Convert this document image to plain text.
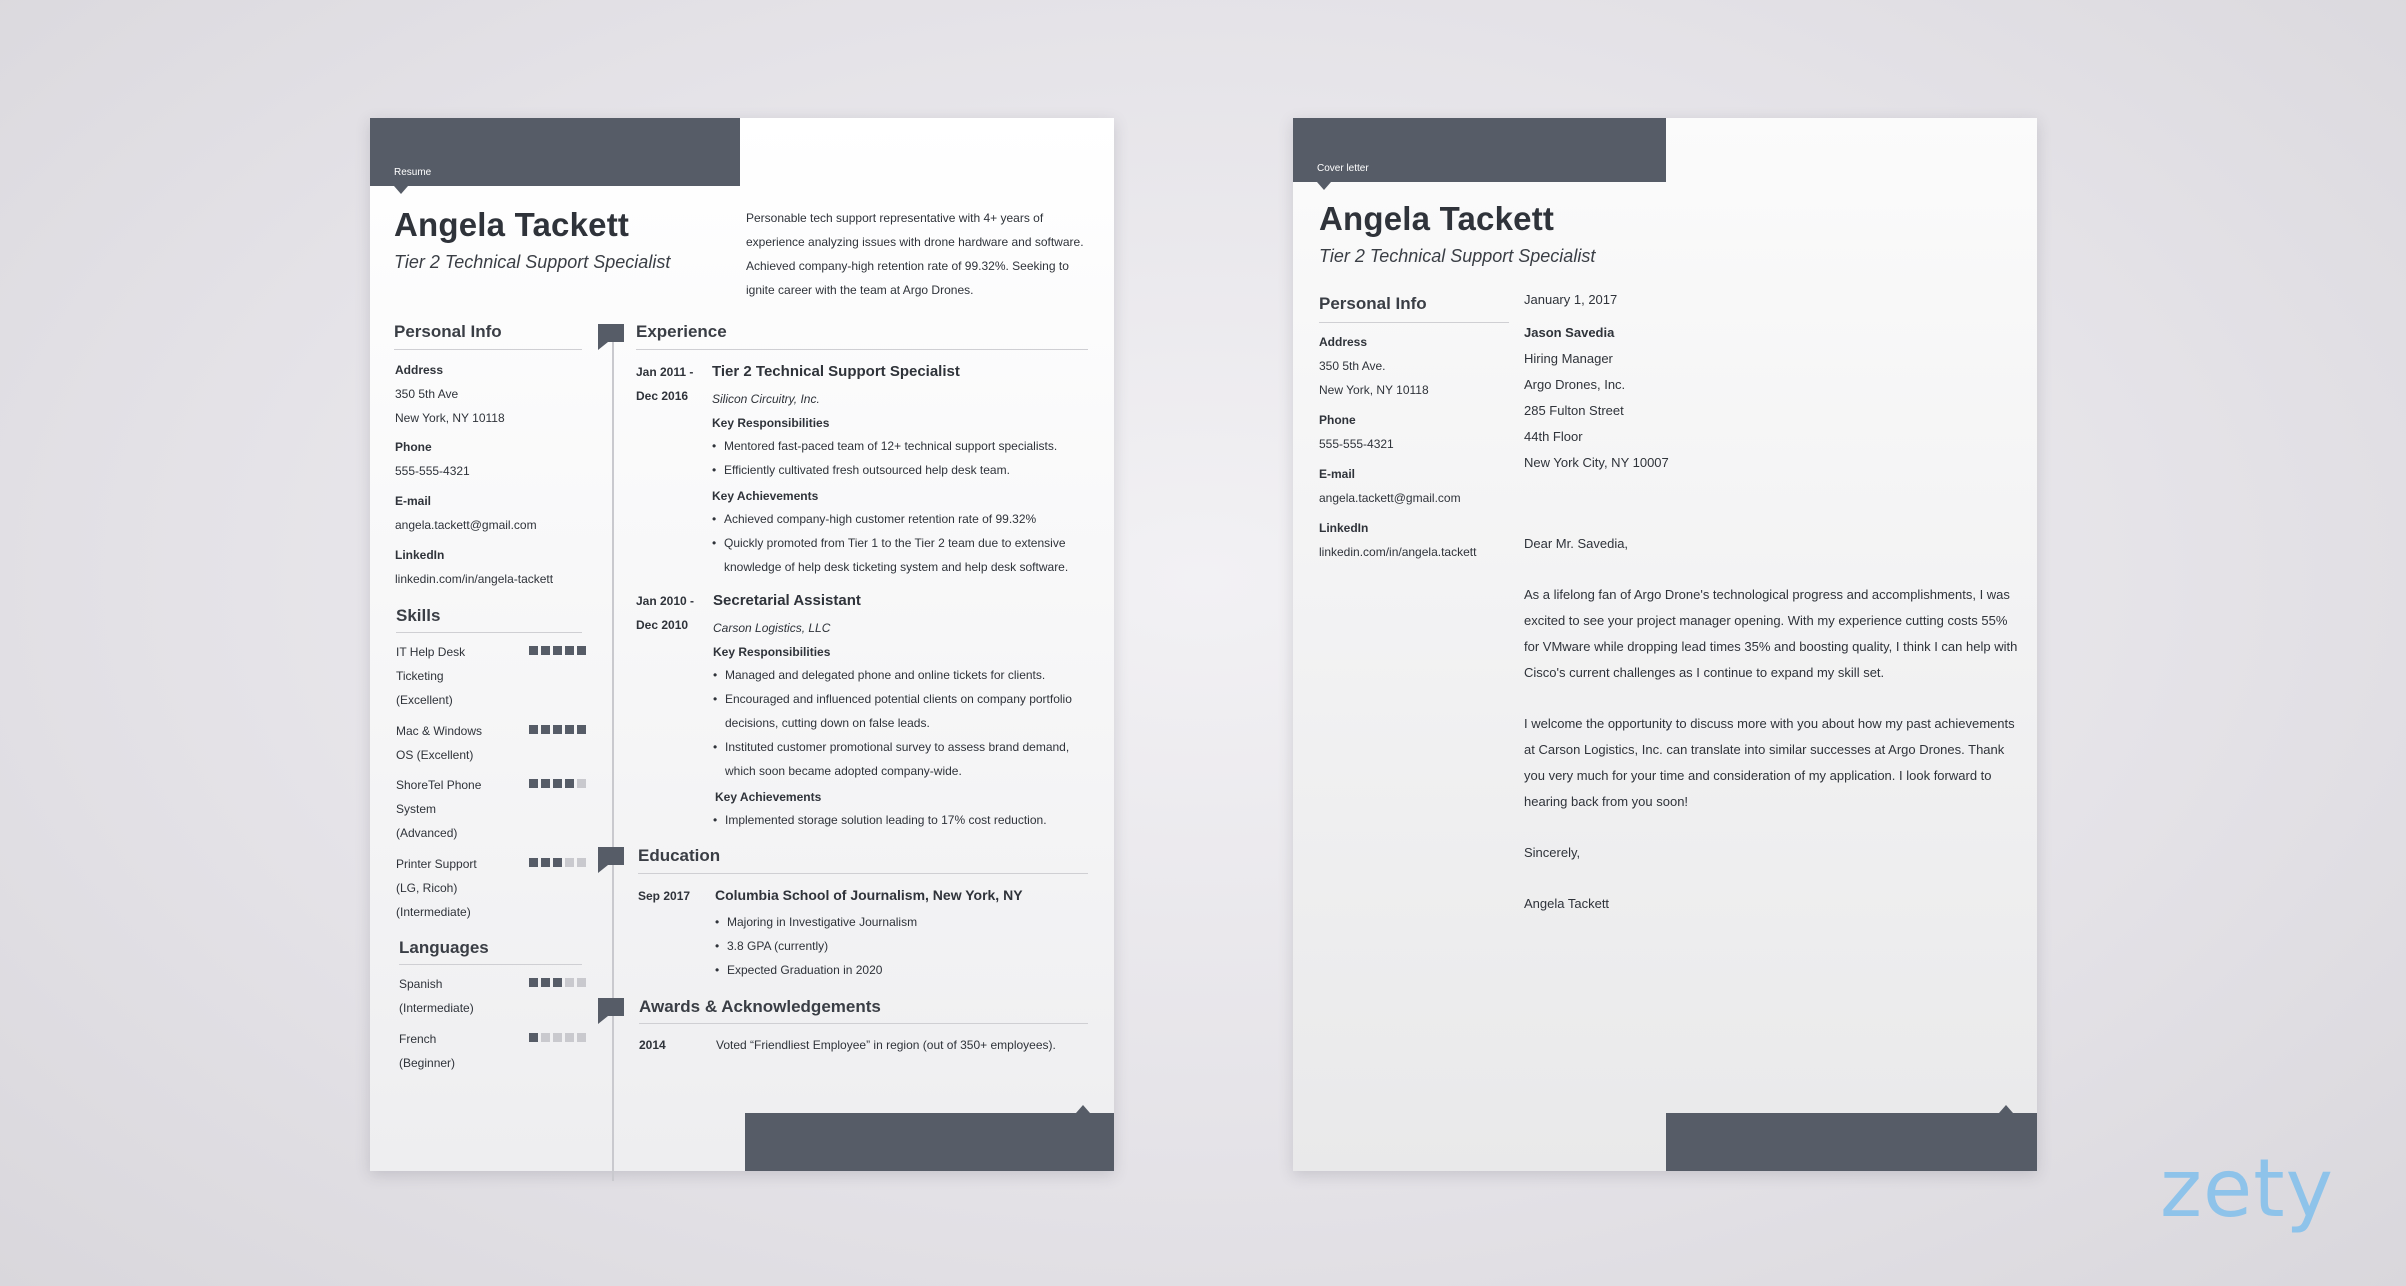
Resume
Angela Tackett
Tier 2 Technical Support Specialist
Personable tech support representative with 4+ years of experience analyzing issues with drone hardware and software. Achieved company-high retention rate of 99.32%. Seeking to ignite career with the team at Argo Drones.
Personal Info
Address
350 5th Ave
New York, NY 10118
Phone
555-555-4321
E-mail
angela.tackett@gmail.com
LinkedIn
linkedin.com/in/angela-tackett
Skills
IT Help Desk
Ticketing
(Excellent)
Mac & Windows
OS (Excellent)
ShoreTel Phone
System
(Advanced)
Printer Support
(LG, Ricoh)
(Intermediate)
Languages
Spanish
(Intermediate)
French
(Beginner)
Experience
Jan 2011 -
Dec 2016
Tier 2 Technical Support Specialist
Silicon Circuitry, Inc.
Key Responsibilities
• Mentored fast-paced team of 12+ technical support specialists.
• Efficiently cultivated fresh outsourced help desk team.
Key Achievements
• Achieved company-high customer retention rate of 99.32%
• Quickly promoted from Tier 1 to the Tier 2 team due to extensive knowledge of help desk ticketing system and help desk software.
Jan 2010 -
Dec 2010
Secretarial Assistant
Carson Logistics, LLC
Key Responsibilities
• Managed and delegated phone and online tickets for clients.
• Encouraged and influenced potential clients on company portfolio decisions, cutting down on false leads.
• Instituted customer promotional survey to assess brand demand, which soon became adopted company-wide.
Key Achievements
• Implemented storage solution leading to 17% cost reduction.
Education
Sep 2017	Columbia School of Journalism, New York, NY
• Majoring in Investigative Journalism
• 3.8 GPA (currently)
• Expected Graduation in 2020
Awards & Acknowledgements
2014	Voted “Friendliest Employee” in region (out of 350+ employees).
Cover letter
Angela Tackett
Tier 2 Technical Support Specialist
Personal Info
Address
350 5th Ave.
New York, NY 10118
Phone
555-555-4321
E-mail
angela.tackett@gmail.com
LinkedIn
linkedin.com/in/angela.tackett
January 1, 2017
Jason Savedia
Hiring Manager
Argo Drones, Inc.
285 Fulton Street
44th Floor
New York City, NY 10007
Dear Mr. Savedia,
As a lifelong fan of Argo Drone's technological progress and accomplishments, I was
excited to see your project manager opening. With my experience cutting costs 55%
for VMware while dropping lead times 35% and boosting quality, I think I can help with
Cisco's current challenges as I continue to expand my skill set.
I welcome the opportunity to discuss more with you about how my past achievements
at Carson Logistics, Inc. can translate into similar successes at Argo Drones. Thank
you very much for your time and consideration of my application. I look forward to
hearing back from you soon!
Sincerely,
Angela Tackett
zety
